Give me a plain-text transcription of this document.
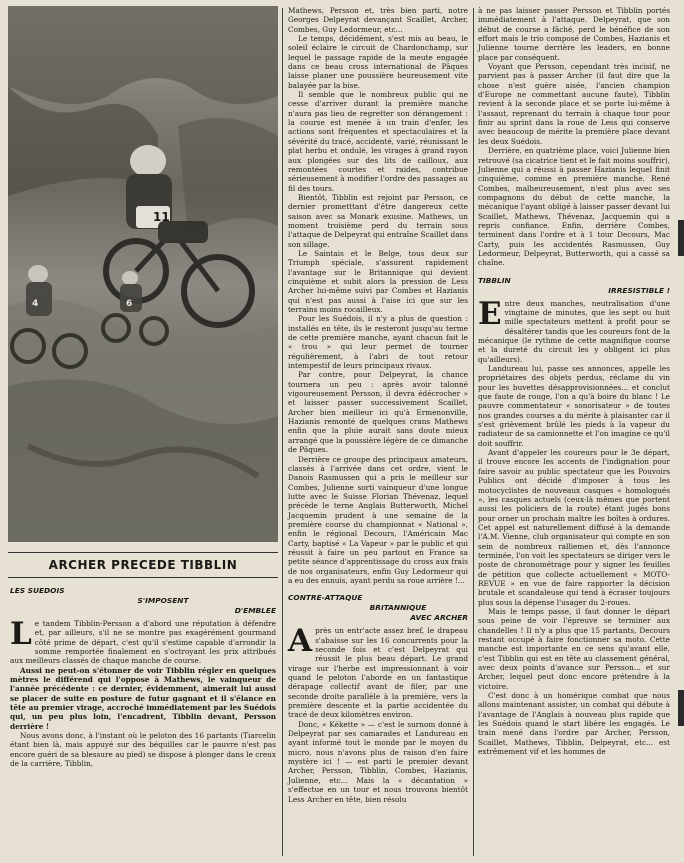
11
4	6
ARCHER PRECEDE TIBBLIN
LES SUEDOIS
S'IMPOSENT
D'EMBLEE

Le tandem Tibblin-Persson a d'abord une réputation à défendre et, par ailleurs, s'il ne se montre pas exagérément gourmand côté prime de départ, c'est qu'il s'estime capable d'arrondir la somme remportée finalement en s'octroyant les prix attribués aux meilleurs classés de chaque manche de course.

Aussi ne peut-on s'étonner de voir Tibblin régler en quelques mètres le différend qui l'oppose à Mathews, le vainqueur de l'année précédente : ce dernier, évidemment, aimerait lui aussi se placer de suite en posture de futur gagnant et il s'élance en tête au premier virage, accroché immédiatement par les Suédois qui, un peu plus loin, l'encadrent, Tibblin devant, Persson derrière !

Nous avons donc, à l'instant où le peloton des 16 partants (Tiarcelin étant bien là, mais appuyé sur des béquilles car le pauvre n'est pas encore guéri de sa blessure au pied) se dispose à plonger dans le creux de la carrière, Tibblin,

Mathews, Persson et, très bien parti, notre Georges Delpeyrat devançant Scaillet, Archer, Combes, Guy Ledormeur, etc...

Le temps, décidément, s'est mis au beau, le soleil éclaire le circuit de Chardonchamp, sur lequel le passage rapide de la meute engagée dans ce beau cross international de Pâques laisse planer une poussière heureusement vite balayée par la bise.

Il semble que le nombreux public qui ne cesse d'arriver durant la première manche n'aura pas lieu de regretter son dérangement : la course est menée à un train d'enfer, les actions sont fréquentes et spectaculaires et la sévérité du tracé, accidenté, varié, réunissant le plat herbu et ondulé, les virages à grand rayon aux plongées sur des lits de cailloux, aux remontées courtes et raides, contribue sérieusement à modifier l'ordre des passages au fil des tours.

Bientôt, Tibblin est rejoint par Persson, ce dernier prometttant d'être dangereux cette saison avec sa Monark exusine. Mathews, un moment troisième perd du terrain sous l'attaque de Delpeyrat qui entraîne Scaillet dans son sillage.

Le Saintais et le Belge, tous deux sur Triumph spéciale, s'assurent rapidement l'avantage sur le Britannique qui devient cinquième et subit alors la pression de Less Archer lui-même suivi par Combes et Hazianis qui n'est pas aussi à l'aise ici que sur les terrains moins rocailleux.

Pour les Suédois, il n'y a plus de question : installés en tête, ils le resteront jusqu'au terme de cette première manche, ayant chacun fait le « trou » qui leur permet de tourner régulièrement, à l'abri de tout retour intempestif de leurs principaux rivaux.

Par contre, pour Delpeyrat, la chance tournera un peu : après avoir talonné vigoureusement Persson, il devra édécrocher » et laisser passer successivement Scaillet, Archer bien meilleur ici qu'à Ermenonville, Hazianis remonté de quelques crans Mathews enfin que la pluie aurait sans doute mieux arrangé que la poussière légère de ce dimanche de Pâques.

Derrière ce groupe des principaux amateurs, classés à l'arrivée dans cet ordre, vient le Danois Rasmussen qui a pris le meilleur sur Combes, Julienne sorti vainqueur d'une longue lutte avec le Suisse Florian Thévenaz, lequel précède le terne Anglais Butterworth, Michel Jacquemin prudent à une semaine de la première course du championnat « National », enfin le régional Decours, l'Américain Mac Carty, baptisé « La Vapeur » par le public et qui réussit à faire un peu partout en France sa petite séance d'apprentissage du cross aux frais de nos organisateurs, enfin Guy Ledormeur qui a eu des ennuis, ayant perdu sa roue arrière !...

CONTRE-ATTAQUE
BRITANNIQUE
AVEC ARCHER

Après un entr'acte assez bref, le drapeau s'abaisse sur les 16 concurrents pour la seconde fois et c'est Delpeyrat qui réussit le plus beau départ. Le grand virage sur l'herbe est impressionnant à voir quand le peloton l'aborde en un fantastique dérapage collectif avant de filer, par une seconde droite parallèle à la première, vers la première descente et la partie accidentée du tracé de deux kilomètres environ.

Donc, « Kékette » — c'est le surnom donné à Delpeyrat par ses camarades et Landureau en ayant informé tout le monde par le moyen du micro, nous n'avons plus de raison d'en faire mystère ici ! — est parti le premier devant Archer, Persson, Tibblin, Combes, Hazianis, Julienne, etc... Mais la « décantation » s'effectue en un tour et nous trouvons bientôt Less Archer en tête, bien résolu

à ne pas laisser passer Persson et Tibblin portés immédiatement à l'attaque. Delpeyrat, que son début de course a fâché, perd le bénéfice de son effort mais le trio composé de Combes, Hazianis et Julienne tourne derrière les leaders, en bonne place par conséquent.

Voyant que Persson, cependant très incisif, ne parvient pas à passer Archer (il faut dire que la chose n'est guère aisée, l'ancien champion d'Europe ne commettant aucune faute), Tibblin revient à la seconde place et se porte lui-même à l'assaut, reprenant du terrain à chaque tour pour finir au sprint dans la roue de Less qui conserve avec beaucoup de mérite la première place devant les deux Suédois.

Derrière, en quatrième place, voici Julienne bien retrouvé (sa cicatrice tient et le fait moins souffrir), Julienne qui a réussi à passer Hazianis lequel finit cinquième, comme en première manche. René Combes, malheureusement, n'est plus avec ses compagnons du début de cette manche, la mécanique l'ayant obligé à laisser passer devant lui Scaillet, Mathews, Thévenaz, Jacquemin qui a repris confiance. Enfin, derrière Combes, terminent dans l'ordre et à 1 tour Decours, Mac Carty, puis les accidentés Rasmussen, Guy Ledormeur, Delpeyrat, Butterworth, qui a cassé sa chaîne.

TIBBLIN
IRRESISTIBLE !

Entre deux manches, neutralisation d'une vingtaine de minutes, que les sept ou huit mille spectateurs mettent à profit pour se désaltérer tandis que les coureurs font de la mécanique (le rythme de cette magnifique course et la dureté du circuit les y obligent ici plus qu'ailleurs).

Landureau lui, passe ses annonces, appelle les propriétaires des objets perdus, réclame du vin pour les buvettes désapprovisionnées... et conclut que faute de rouge, l'on a qu'à boire du blanc ! Le pauvre commentateur « sonorisateur » de toutes nos grandes courses a du mérite à plaisanter car il s'est grièvement brûlé les pieds à la vapeur du radiateur de sa camionnette et l'on imagine ce qu'il doit souffrir.

Avant d'appeler les coureurs pour le 3e départ, il trouve encore les accents de l'indignation pour faire savoir au public spectateur que les Pouvoirs Publics ont décidé d'imposer à tous les motocyclistes de nouveaux casques « homologués », les casques actuels (ceux-là mêmes que portent aussi les policiers de la route) étant jugés bons pour orner un prochain maître les boîtes à ordures. Cet appel est naturellement diffusé à la demande l'A.M. Vienne, club organisateur qui compte en son sein de nombreux ralliemen et, dès l'annonce terminée, l'on voit les spectateurs se diriger vers le poste de chronométrage pour y signer les feuilles de pétition que collecte actuellement « MOTO-REVUE » en vue de faire rapporter la décision brutale et scandaleuse qui tend à écraser toujours plus sous la dépense l'usager du 2-roues.

Mais le temps passe, il faut donner le départ sous peine de voir l'épreuve se terminer aux chandelles ! Il n'y a plus que 15 partants, Decours restant occupé à faire fonctionner sa moto. Cette manche est importante en ce sens qu'avant elle, c'est Tibblin qui est en tête au classement général, avec deux points d'avance sur Persson... et sur Archer, lequel peut donc encore prétendre à la victoire.

C'est donc à un homérique combat que nous allons maintenant assister, un combat qui débute à l'avantage de l'Anglais à nouveau plus rapide que les Suédois quand le start libère les engagés. Le train mené dans l'ordre par Archer, Persson, Scaillet, Mathews, Tibblin, Delpeyrat, etc... est extrêmement vif et les hommes de
